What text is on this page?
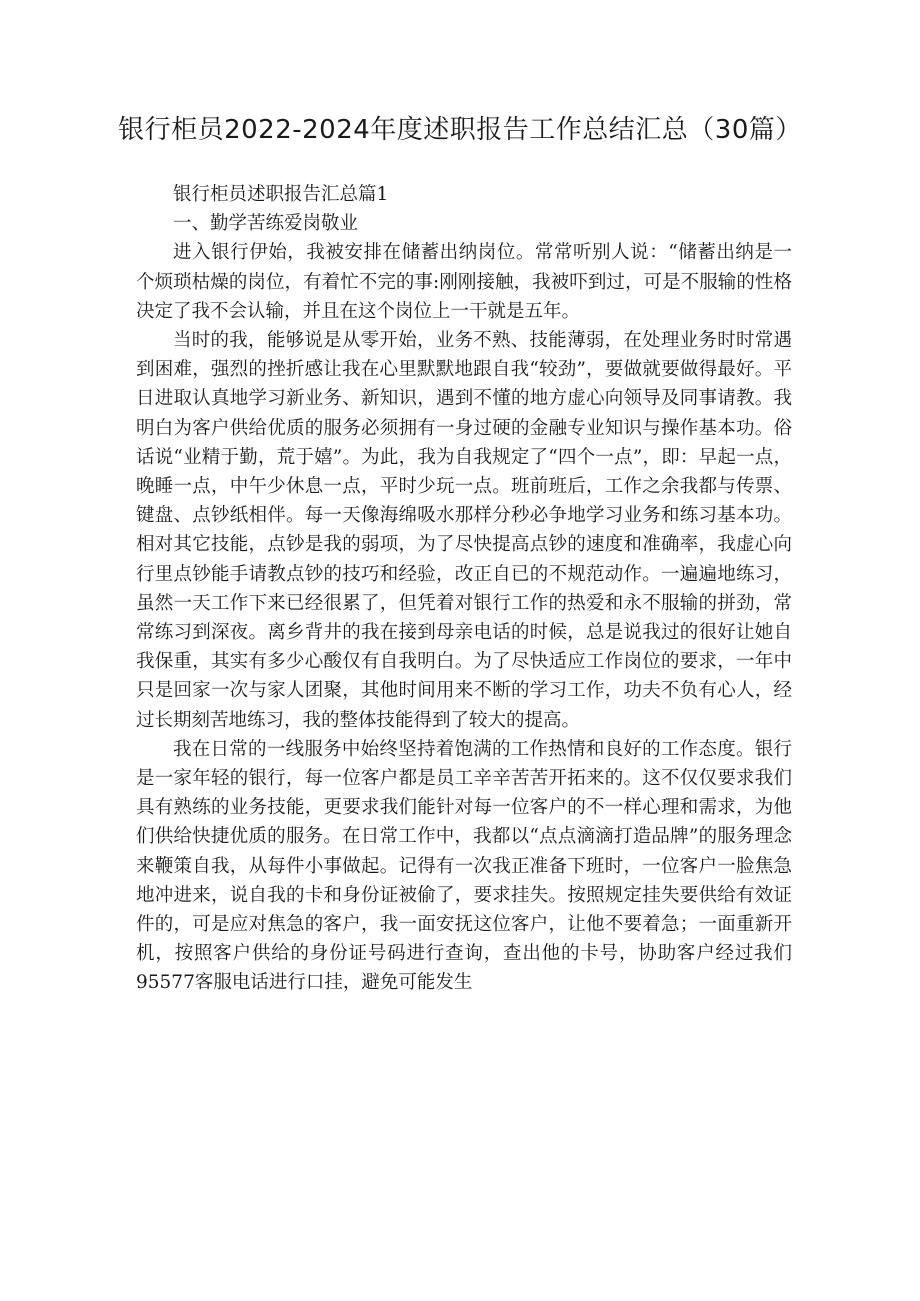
银行柜员2022-2024年度述职报告工作总结汇总（30篇）

银行柜员述职报告汇总篇1

一、勤学苦练爱岗敬业

进入银行伊始，我被安排在储蓄出纳岗位。常常听别人说：“储蓄出纳是一个烦琐枯燥的岗位，有着忙不完的事:刚刚接触，我被吓到过，可是不服输的性格决定了我不会认输，并且在这个岗位上一干就是五年。

当时的我，能够说是从零开始，业务不熟、技能薄弱，在处理业务时时常遇到困难，强烈的挫折感让我在心里默默地跟自我“较劲”，要做就要做得最好。平日进取认真地学习新业务、新知识，遇到不懂的地方虚心向领导及同事请教。我明白为客户供给优质的服务必须拥有一身过硬的金融专业知识与操作基本功。俗话说“业精于勤，荒于嬉”。为此，我为自我规定了“四个一点”，即：早起一点，晚睡一点，中午少休息一点，平时少玩一点。班前班后，工作之余我都与传票、键盘、点钞纸相伴。每一天像海绵吸水那样分秒必争地学习业务和练习基本功。相对其它技能，点钞是我的弱项，为了尽快提高点钞的速度和准确率，我虚心向行里点钞能手请教点钞的技巧和经验，改正自已的不规范动作。一遍遍地练习，虽然一天工作下来已经很累了，但凭着对银行工作的热爱和永不服输的拼劲，常常练习到深夜。离乡背井的我在接到母亲电话的时候，总是说我过的很好让她自我保重，其实有多少心酸仅有自我明白。为了尽快适应工作岗位的要求，一年中只是回家一次与家人团聚，其他时间用来不断的学习工作，功夫不负有心人，经过长期刻苦地练习，我的整体技能得到了较大的提高。

我在日常的一线服务中始终坚持着饱满的工作热情和良好的工作态度。银行是一家年轻的银行，每一位客户都是员工辛辛苦苦开拓来的。这不仅仅要求我们具有熟练的业务技能，更要求我们能针对每一位客户的不一样心理和需求，为他们供给快捷优质的服务。在日常工作中，我都以“点点滴滴打造品牌”的服务理念来鞭策自我，从每件小事做起。记得有一次我正准备下班时，一位客户一脸焦急地冲进来，说自我的卡和身份证被偷了，要求挂失。按照规定挂失要供给有效证件的，可是应对焦急的客户，我一面安抚这位客户，让他不要着急；一面重新开机，按照客户供给的身份证号码进行查询，查出他的卡号，协助客户经过我们95577客服电话进行口挂，避免可能发生
